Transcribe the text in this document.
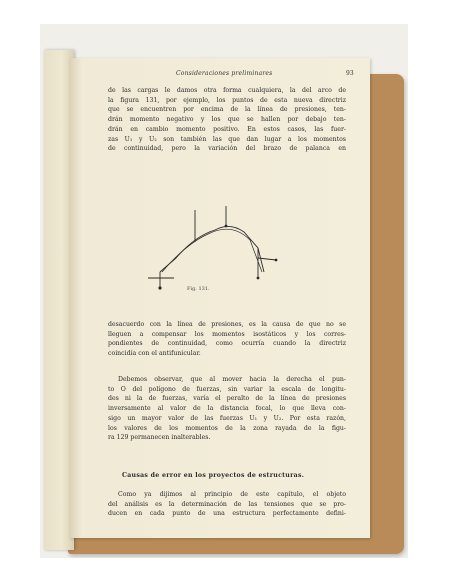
Consideraciones preliminares	93
de las cargas le damos otra forma cualquiera, la del arco de
la figura 131, por ejemplo, los puntos de esta nueva directriz
que se encuentren por encima de la línea de presiones, ten-
drán momento negativo y los que se hallen por debajo ten-
drán en cambio momento positivo. En estos casos, las fuer-
zas U₁ y U₂ son también las que dan lugar a los momentos
de continuidad, pero la variación del brazo de palanca en
Fig. 131.
desacuerdo con la línea de presiones, es la causa de que no se
lleguen a compensar los momentos isostáticos y los corres-
pondientes de continuidad, como ocurría cuando la directriz
coincidía con el antifunicular.
Debemos observar, que al mover hacia la derecha el pun-
to O del polígono de fuerzas, sin variar la escala de longitu-
des ni la de fuerzas, varía el peralto de la línea de presiones
inversamente al valor de la distancia focal, lo que lleva con-
sigo un mayor valor de las fuerzas U₁ y U₂. Por esta razón,
los valores de los momentos de la zona rayada de la figu-
ra 129 permanecen inalterables.
Causas de error en los proyectos de estructuras.
Como ya dijimos al principio de este capítulo, el objeto
del análisis es la determinación de las tensiones que se pro-
ducen en cada punto de una estructura perfectamente defini-
